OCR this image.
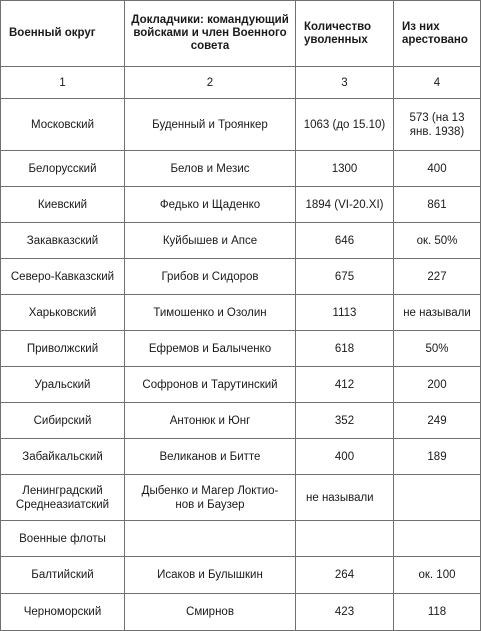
Военный округ	Докладчики: командующий войсками и член Военного совета	Количество уволенных	Из них арестовано
1	2	3	4
Московский	Буденный и Троянкер	1063 (до 15.10)	573 (на 13 янв. 1938)
Белорусский	Белов и Мезис	1300	400
Киевский	Федько и Щаденко	1894 (VI-20.XI)	861
Закавказский	Куйбышев и Апсе	646	ок. 50%
Северо-Кавказский	Грибов и Сидоров	675	227
Харьковский	Тимошенко и Озолин	1113	не называли
Приволжский	Ефремов и Балыченко	618	50%
Уральский	Софронов и Тарутинский	412	200
Сибирский	Антонюк и Юнг	352	249
Забайкальский	Великанов и Битте	400	189
Ленинградский Среднеазиатский	Дыбенко и Магер Локтио-нов и Баузер	не называли	
Военные флоты			
Балтийский	Исаков и Булышкин	264	ок. 100
Черноморский	Смирнов	423	118
